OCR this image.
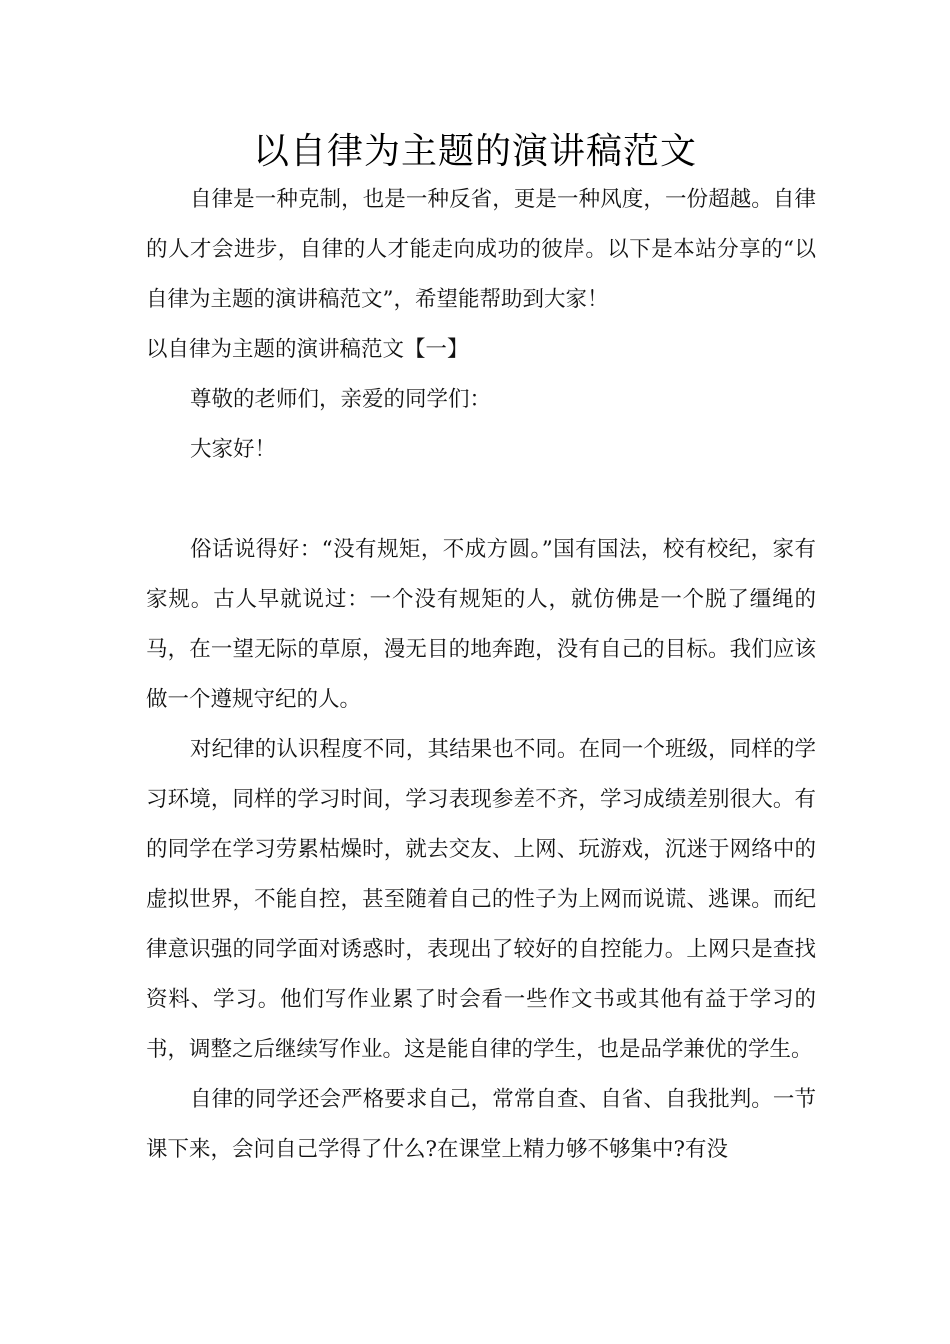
以自律为主题的演讲稿范文

自律是一种克制，也是一种反省，更是一种风度，一份超越。自律的人才会进步，自律的人才能走向成功的彼岸。以下是本站分享的“以自律为主题的演讲稿范文”，希望能帮助到大家！

以自律为主题的演讲稿范文【一】

尊敬的老师们，亲爱的同学们：

大家好！

俗话说得好：“没有规矩，不成方圆。”国有国法，校有校纪，家有家规。古人早就说过：一个没有规矩的人，就仿佛是一个脱了缰绳的马，在一望无际的草原，漫无目的地奔跑，没有自己的目标。我们应该做一个遵规守纪的人。

对纪律的认识程度不同，其结果也不同。在同一个班级，同样的学习环境，同样的学习时间，学习表现参差不齐，学习成绩差别很大。有的同学在学习劳累枯燥时，就去交友、上网、玩游戏，沉迷于网络中的虚拟世界，不能自控，甚至随着自己的性子为上网而说谎、逃课。而纪律意识强的同学面对诱惑时，表现出了较好的自控能力。上网只是查找资料、学习。他们写作业累了时会看一些作文书或其他有益于学习的书，调整之后继续写作业。这是能自律的学生，也是品学兼优的学生。

自律的同学还会严格要求自己，常常自查、自省、自我批判。一节课下来，会问自己学得了什么?在课堂上精力够不够集中?有没
